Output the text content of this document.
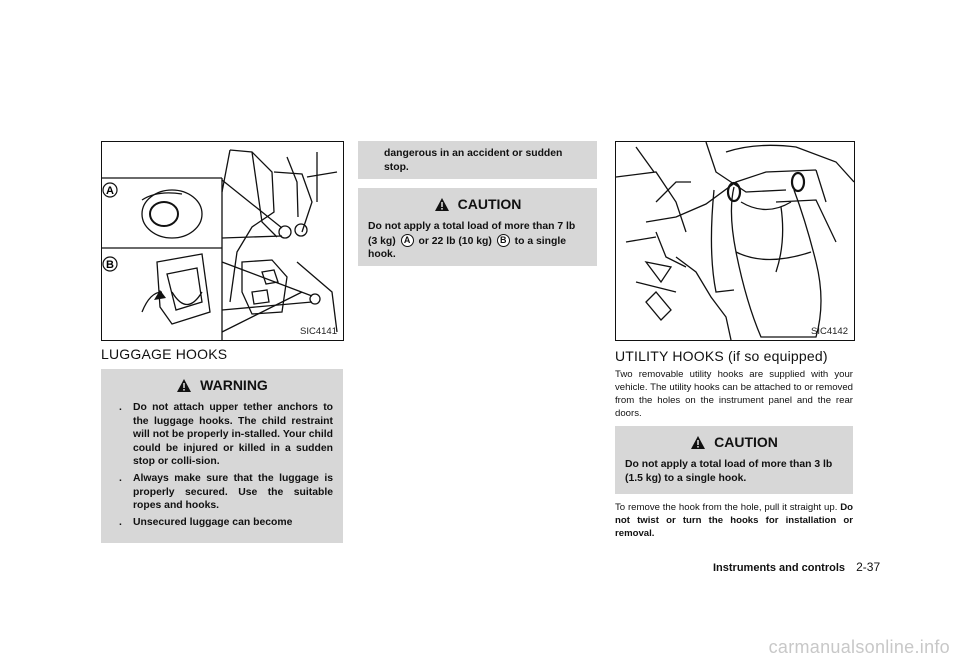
A
B
SIC4141
LUGGAGE HOOKS
WARNING
. Do not attach upper tether anchors to the luggage hooks. The child restraint will not be properly in-stalled. Your child could be injured or killed in a sudden stop or colli-sion.
. Always make sure that the luggage is properly secured. Use the suitable ropes and hooks.
. Unsecured luggage can become
dangerous in an accident or sudden stop.
CAUTION
Do not apply a total load of more than 7 lb (3 kg) A or 22 lb (10 kg) B to a single hook.
SIC4142
UTILITY HOOKS (if so equipped)
Two removable utility hooks are supplied with your vehicle. The utility hooks can be attached to or removed from the holes on the instrument panel and the rear doors.
CAUTION
Do not apply a total load of more than 3 lb (1.5 kg) to a single hook.
To remove the hook from the hole, pull it straight up. Do not twist or turn the hooks for installation or removal.
Instruments and controls 2-37
carmanualsonline.info
